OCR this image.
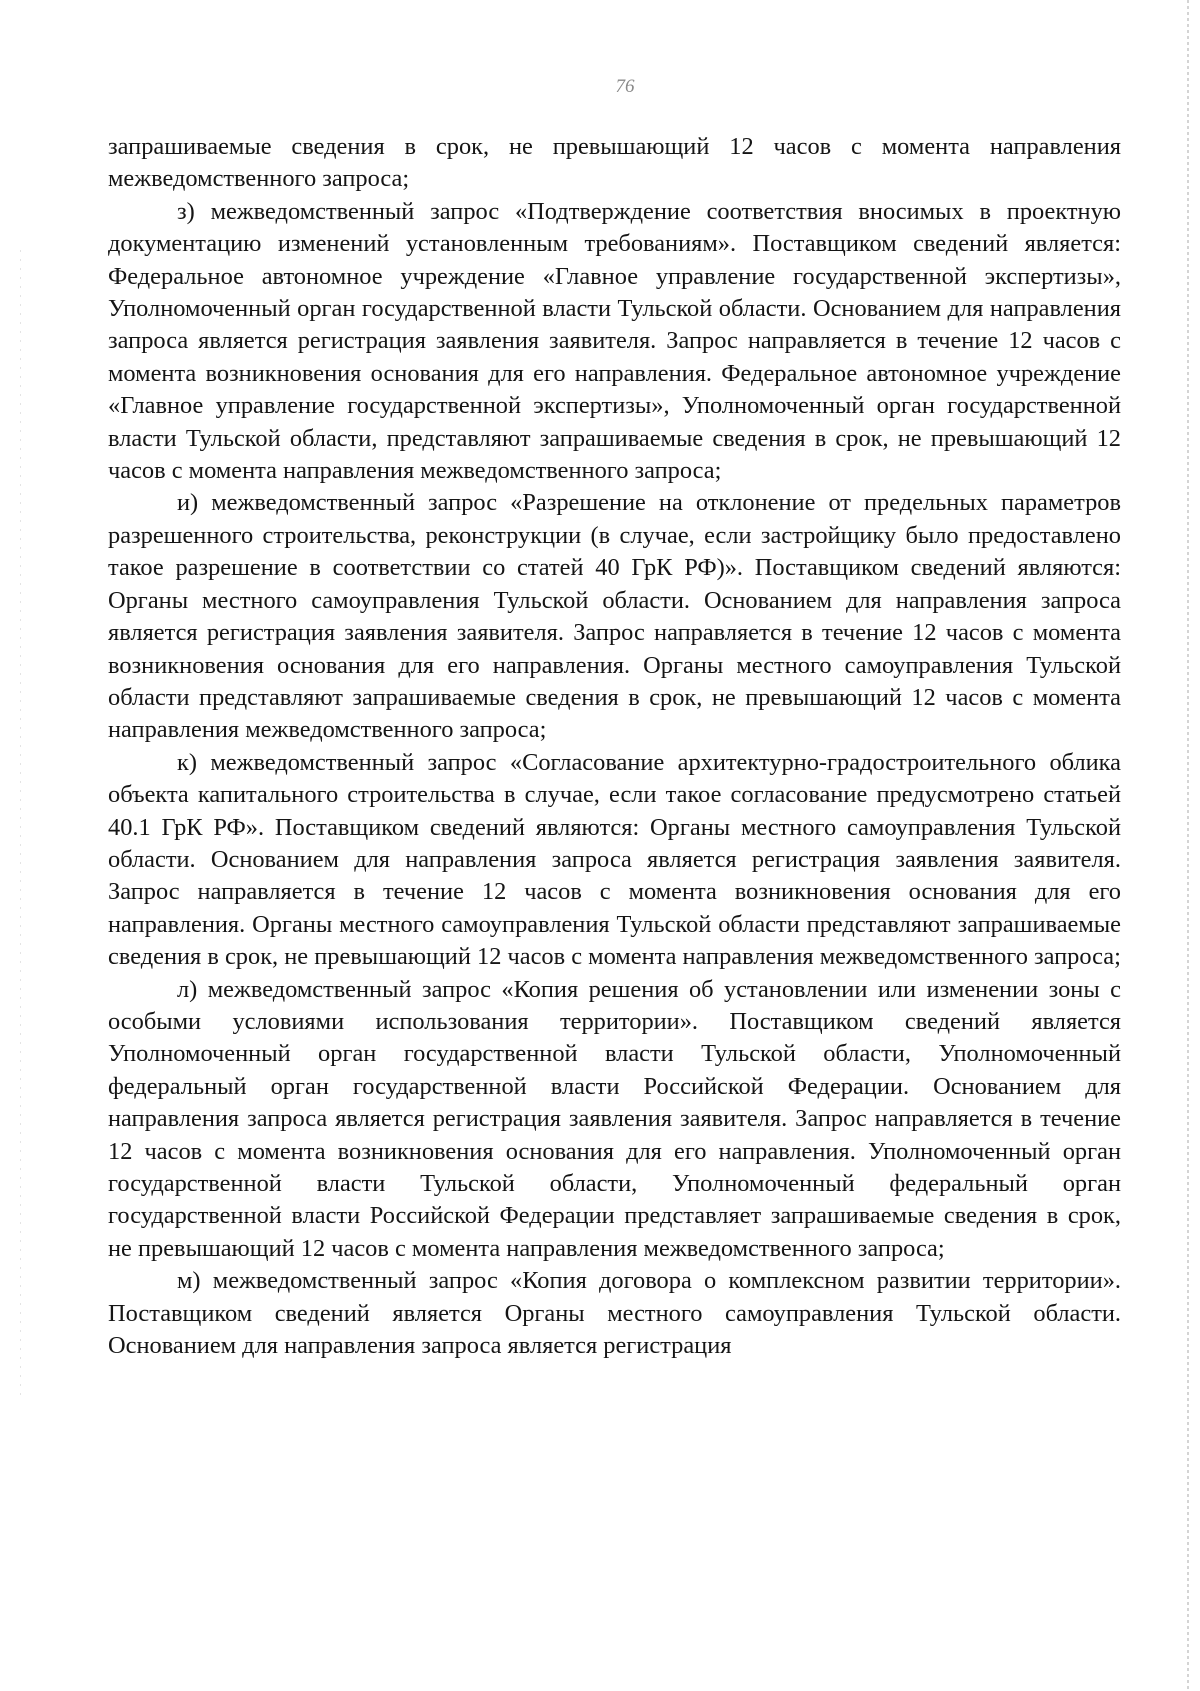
76

запрашиваемые сведения в срок, не превышающий 12 часов с момента направления межведомственного запроса;

з) межведомственный запрос «Подтверждение соответствия вносимых в проектную документацию изменений установленным требованиям». Поставщиком сведений является: Федеральное автономное учреждение «Главное управление государственной экспертизы», Уполномоченный орган государственной власти Тульской области. Основанием для направления запроса является регистрация заявления заявителя. Запрос направляется в течение 12 часов с момента возникновения основания для его направления. Федеральное автономное учреждение «Главное управление государственной экспертизы», Уполномоченный орган государственной власти Тульской области, представляют запрашиваемые сведения в срок, не превышающий 12 часов с момента направления межведомственного запроса;

и) межведомственный запрос «Разрешение на отклонение от предельных параметров разрешенного строительства, реконструкции (в случае, если застройщику было предоставлено такое разрешение в соответствии со статей 40 ГрК РФ)». Поставщиком сведений являются: Органы местного самоуправления Тульской области. Основанием для направления запроса является регистрация заявления заявителя. Запрос направляется в течение 12 часов с момента возникновения основания для его направления. Органы местного самоуправления Тульской области представляют запрашиваемые сведения в срок, не превышающий 12 часов с момента направления межведомственного запроса;

к) межведомственный запрос «Согласование архитектурно-градостроительного облика объекта капитального строительства в случае, если такое согласование предусмотрено статьей 40.1 ГрК РФ». Поставщиком сведений являются: Органы местного самоуправления Тульской области. Основанием для направления запроса является регистрация заявления заявителя. Запрос направляется в течение 12 часов с момента возникновения основания для его направления. Органы местного самоуправления Тульской области представляют запрашиваемые сведения в срок, не превышающий 12 часов с момента направления межведомственного запроса;

л) межведомственный запрос «Копия решения об установлении или изменении зоны с особыми условиями использования территории». Поставщиком сведений является Уполномоченный орган государственной власти Тульской области, Уполномоченный федеральный орган государственной власти Российской Федерации. Основанием для направления запроса является регистрация заявления заявителя. Запрос направляется в течение 12 часов с момента возникновения основания для его направления. Уполномоченный орган государственной власти Тульской области, Уполномоченный федеральный орган государственной власти Российской Федерации представляет запрашиваемые сведения в срок, не превышающий 12 часов с момента направления межведомственного запроса;

м) межведомственный запрос «Копия договора о комплексном развитии территории». Поставщиком сведений является Органы местного самоуправления Тульской области. Основанием для направления запроса является регистрация
